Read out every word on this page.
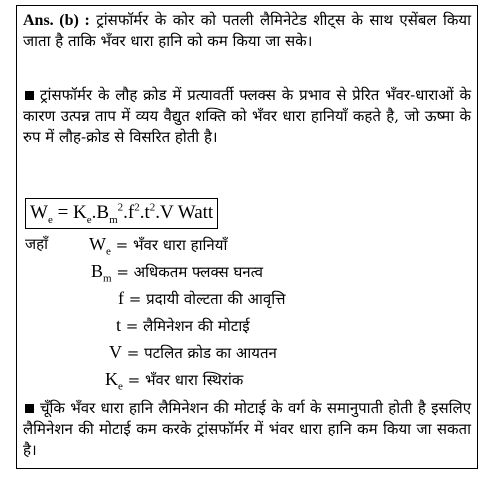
Ans. (b) : ट्रांसफॉर्मर के कोर को पतली लैमिनेटेड शीट्स के साथ एसेंबल किया जाता है ताकि भँवर धारा हानि को कम किया जा सके।

ट्रांसफॉर्मर के लौह क्रोड में प्रत्यावर्ती फ्लक्स के प्रभाव से प्रेरित भँवर-धाराओं के कारण उत्पन्न ताप में व्यय वैद्युत शक्ति को भँवर धारा हानियाँ कहते है, जो ऊष्मा के रुप में लौह-क्रोड से विसरित होती है।

$W_e = K_e.B_m^2.f^2.t^2.V$ Watt
जहाँ $W_e$ = भँवर धारा हानियाँ
$B_m$ = अधिकतम फ्लक्स घनत्व
f = प्रदायी वोल्टता की आवृत्ति
t = लैमिनेशन की मोटाई
V = पटलित क्रोड का आयतन
$K_e$ = भँवर धारा स्थिरांक

चूँकि भँवर धारा हानि लैमिनेशन की मोटाई के वर्ग के समानुपाती होती है इसलिए लैमिनेशन की मोटाई कम करके ट्रांसफॉर्मर में भंवर धारा हानि कम किया जा सकता है।
